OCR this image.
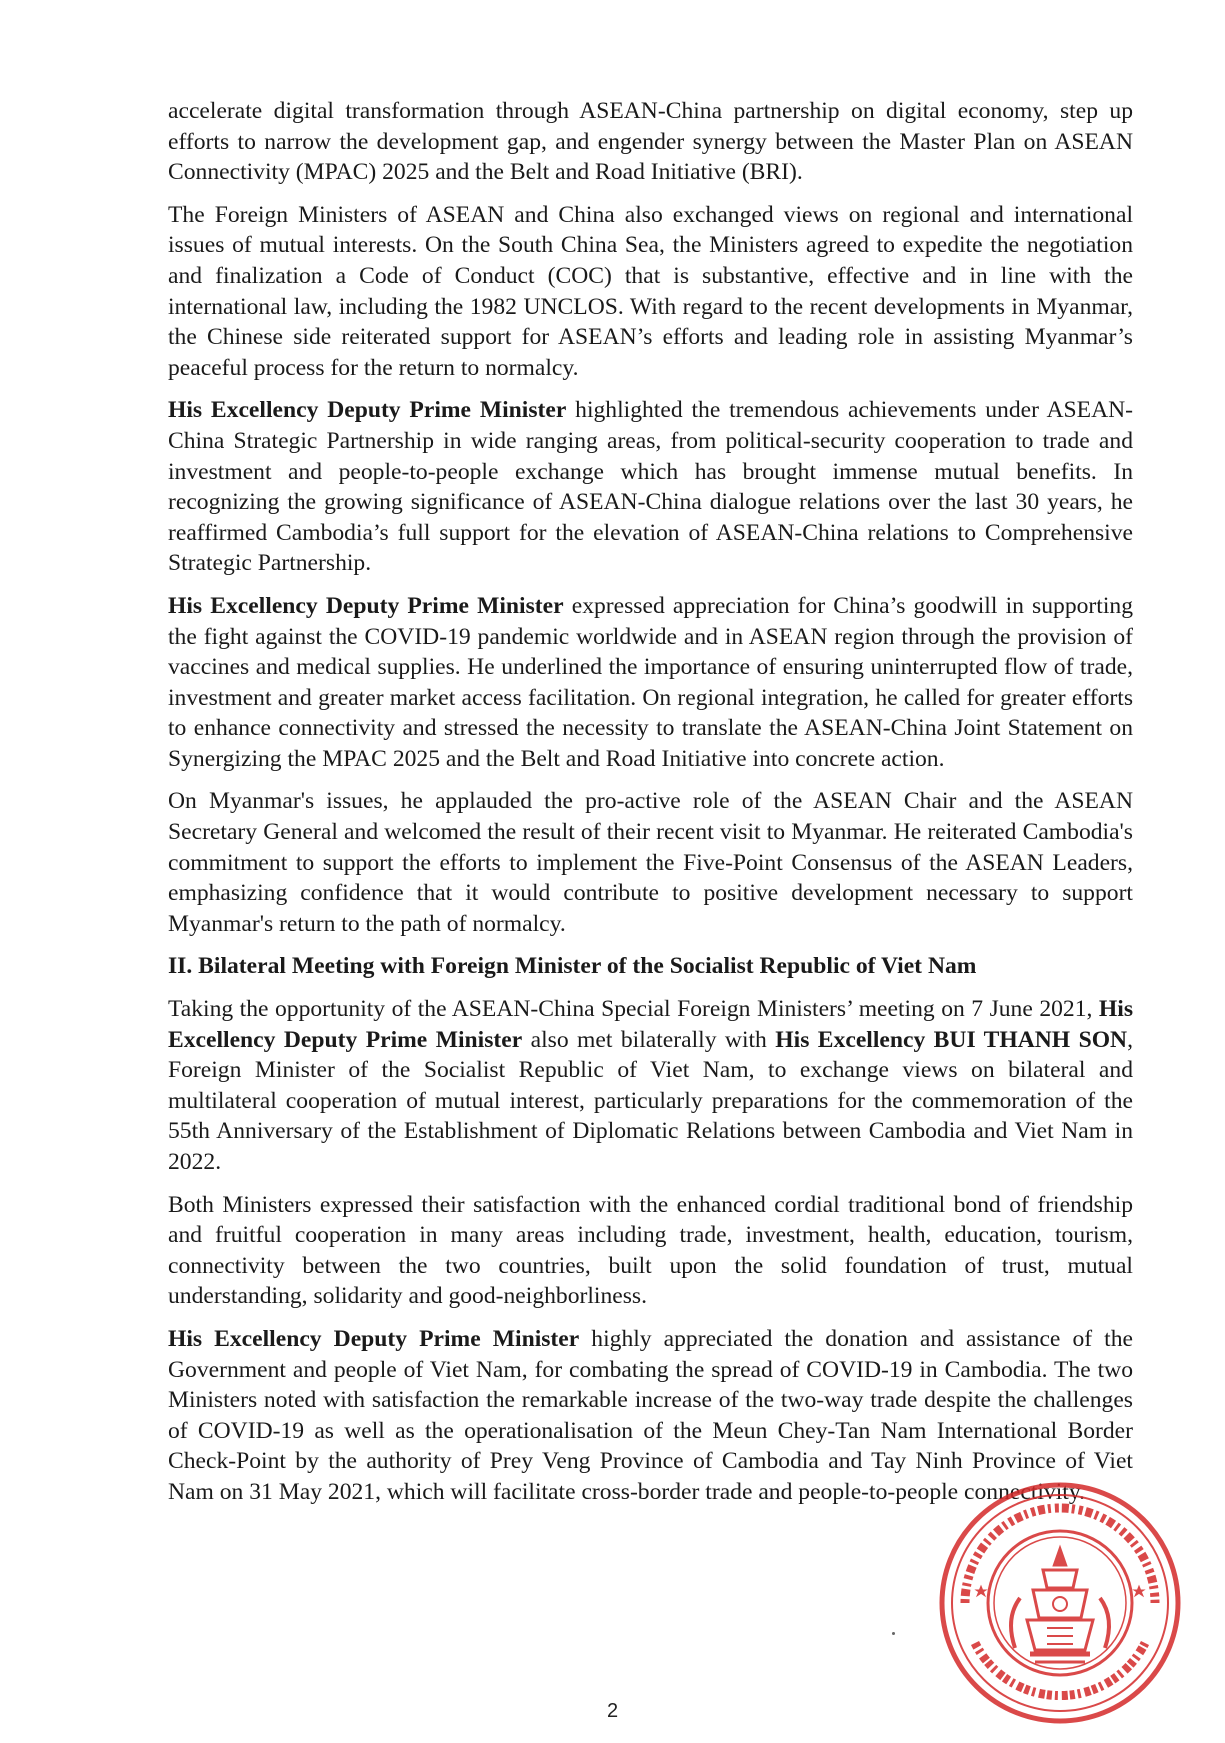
accelerate digital transformation through ASEAN-China partnership on digital economy, step up efforts to narrow the development gap, and engender synergy between the Master Plan on ASEAN Connectivity (MPAC) 2025 and the Belt and Road Initiative (BRI).

The Foreign Ministers of ASEAN and China also exchanged views on regional and international issues of mutual interests. On the South China Sea, the Ministers agreed to expedite the negotiation and finalization a Code of Conduct (COC) that is substantive, effective and in line with the international law, including the 1982 UNCLOS. With regard to the recent developments in Myanmar, the Chinese side reiterated support for ASEAN’s efforts and leading role in assisting Myanmar’s peaceful process for the return to normalcy.

His Excellency Deputy Prime Minister highlighted the tremendous achievements under ASEAN-China Strategic Partnership in wide ranging areas, from political-security cooperation to trade and investment and people-to-people exchange which has brought immense mutual benefits. In recognizing the growing significance of ASEAN-China dialogue relations over the last 30 years, he reaffirmed Cambodia’s full support for the elevation of ASEAN-China relations to Comprehensive Strategic Partnership.

His Excellency Deputy Prime Minister expressed appreciation for China’s goodwill in supporting the fight against the COVID-19 pandemic worldwide and in ASEAN region through the provision of vaccines and medical supplies. He underlined the importance of ensuring uninterrupted flow of trade, investment and greater market access facilitation. On regional integration, he called for greater efforts to enhance connectivity and stressed the necessity to translate the ASEAN-China Joint Statement on Synergizing the MPAC 2025 and the Belt and Road Initiative into concrete action.

On Myanmar's issues, he applauded the pro-active role of the ASEAN Chair and the ASEAN Secretary General and welcomed the result of their recent visit to Myanmar. He reiterated Cambodia's commitment to support the efforts to implement the Five-Point Consensus of the ASEAN Leaders, emphasizing confidence that it would contribute to positive development necessary to support Myanmar's return to the path of normalcy.

II. Bilateral Meeting with Foreign Minister of the Socialist Republic of Viet Nam

Taking the opportunity of the ASEAN-China Special Foreign Ministers’ meeting on 7 June 2021, His Excellency Deputy Prime Minister also met bilaterally with His Excellency BUI THANH SON, Foreign Minister of the Socialist Republic of Viet Nam, to exchange views on bilateral and multilateral cooperation of mutual interest, particularly preparations for the commemoration of the 55th Anniversary of the Establishment of Diplomatic Relations between Cambodia and Viet Nam in 2022.

Both Ministers expressed their satisfaction with the enhanced cordial traditional bond of friendship and fruitful cooperation in many areas including trade, investment, health, education, tourism, connectivity between the two countries, built upon the solid foundation of trust, mutual understanding, solidarity and good-neighborliness.

His Excellency Deputy Prime Minister highly appreciated the donation and assistance of the Government and people of Viet Nam, for combating the spread of COVID-19 in Cambodia. The two Ministers noted with satisfaction the remarkable increase of the two-way trade despite the challenges of COVID-19 as well as the operationalisation of the Meun Chey-Tan Nam International Border Check-Point by the authority of Prey Veng Province of Cambodia and Tay Ninh Province of Viet Nam on 31 May 2021, which will facilitate cross-border trade and people-to-people connectivity.

2
